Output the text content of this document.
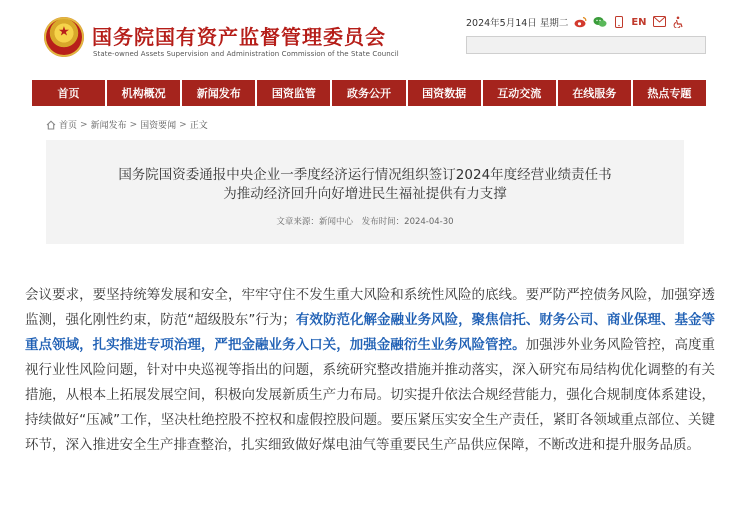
★ 国务院国有资产监督管理委员会
State-owned Assets Supervision and Administration Commission of the State Council
2024年5月14日 星期二	EN
首页	机构概况	新闻发布	国资监管	政务公开	国资数据	互动交流	在线服务	热点专题
首页 > 新闻发布 > 国资要闻 > 正文
国务院国资委通报中央企业一季度经济运行情况组织签订2024年度经营业绩责任书
为推动经济回升向好增进民生福祉提供有力支撑
文章来源：新闻中心 发布时间：2024-04-30
会议要求，要坚持统筹发展和安全，牢牢守住不发生重大风险和系统性风险的底线。要严防严控债务风险，加强穿透监测，强化刚性约束，防范“超级股东”行为；有效防范化解金融业务风险，聚焦信托、财务公司、商业保理、基金等重点领域，扎实推进专项治理，严把金融业务入口关，加强金融衍生业务风险管控。加强涉外业务风险管控，高度重视行业性风险问题，针对中央巡视等指出的问题，系统研究整改措施并推动落实，深入研究布局结构优化调整的有关措施，从根本上拓展发展空间，积极向发展新质生产力布局。切实提升依法合规经营能力，强化合规制度体系建设，持续做好“压减”工作，坚决杜绝控股不控权和虚假控股问题。要压紧压实安全生产责任，紧盯各领域重点部位、关键环节，深入推进安全生产排查整治，扎实细致做好煤电油气等重要民生产品供应保障，不断改进和提升服务品质。
